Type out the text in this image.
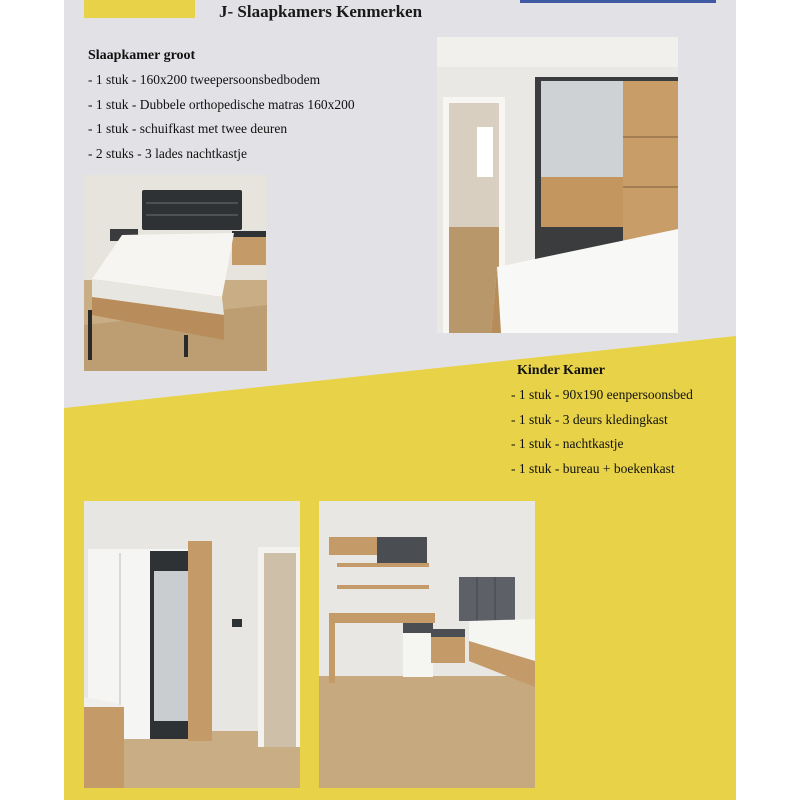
J- Slaapkamers Kenmerken
Slaapkamer groot
- 1 stuk - 160x200 tweepersoonsbedbodem
- 1 stuk - Dubbele orthopedische matras 160x200
- 1 stuk - schuifkast met twee deuren
- 2 stuks - 3 lades nachtkastje
Kinder Kamer
- 1 stuk - 90x190 eenpersoonsbed
- 1 stuk - 3 deurs kledingkast
- 1 stuk - nachtkastje
- 1 stuk - bureau + boekenkast
